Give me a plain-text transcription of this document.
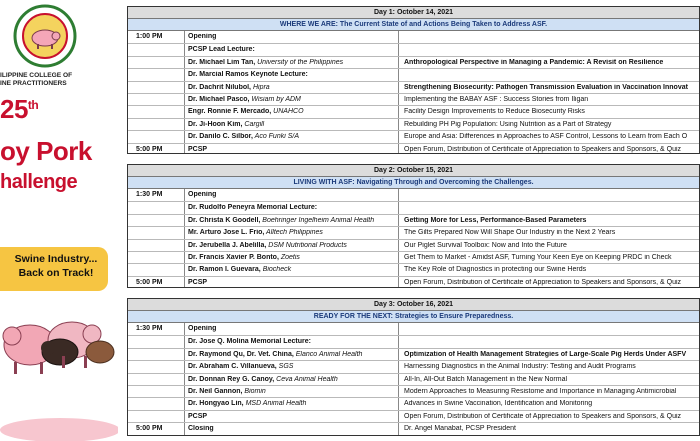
ILIPPINE COLLEGE OF
INE PRACTITIONERS
25th
oy Pork
hallenge
Swine Industry...
Back on Track!
Day 1: October 14, 2021
WHERE WE ARE: The Current State of and Actions Being Taken to Address ASF.
1:00 PM	Opening
PCSP Lead Lecture:
Dr. Michael Lim Tan, University of the Philippines	Anthropological Perspective in Managing a Pandemic: A Revisit on Resilience
Dr. Marcial Ramos Keynote Lecture:
Dr. Dachrit Nilubol, Hipra	Strengthening Biosecurity: Pathogen Transmission Evaluation in Vaccination Innovat
Dr. Michael Pasco, Wisiam by ADM	Implementing the BABAY ASF : Success Stories from Iligan
Engr. Ronnie F. Mercado, UNAHCO	Facility Design Improvements to Reduce Biosecurity Risks
Dr. Ji-Hoon Kim, Cargill	Rebuilding PH Pig Population: Using Nutrition as a Part of Strategy
Dr. Danilo C. Silbor, Aco Funki S/A	Europe and Asia: Differences in Approaches to ASF Control, Lessons to Learn from Each O
5:00 PM	PCSP	Open Forum, Distribution of Certificate of Appreciation to Speakers and Sponsors, & Quiz
Day 2: October 15, 2021
LIVING WITH ASF: Navigating Through and Overcoming the Challenges.
1:30 PM	Opening
Dr. Rudolfo Peneyra Memorial Lecture:
Dr. Christa K Goodell, Boehringer Ingelheim Animal Health	Getting More for Less, Performance-Based Parameters
Mr. Arturo Jose L. Frio, Alltech Philippines	The Gilts Prepared Now Will Shape Our Industry in the Next 2 Years
Dr. Jerubella J. Abelilla, DSM Nutritional Products	Our Piglet Survival Toolbox: Now and Into the Future
Dr. Francis Xavier P. Bonto, Zoetis	Get Them to Market - Amidst ASF, Turning Your Keen Eye on Keeping PRDC in Check
Dr. Ramon I. Guevara, Biocheck	The Key Role of Diagnostics in protecting our Swine Herds
5:00 PM	PCSP	Open Forum, Distribution of Certificate of Appreciation to Speakers and Sponsors, & Quiz
Day 3: October 16, 2021
READY FOR THE NEXT: Strategies to Ensure Preparedness.
1:30 PM	Opening
Dr. Jose Q. Molina Memorial Lecture:
Dr. Raymond Qu, Dr. Vet. China, Elanco Animal Health	Optimization of Health Management Strategies of Large-Scale Pig Herds Under ASFV
Dr. Abraham C. Villanueva, SGS	Harnessing Diagnostics in the Animal Industry: Testing and Audit Programs
Dr. Donnan Rey G. Canoy, Ceva Animal Health	All-In, All-Out Batch Management in the New Normal
Dr. Neil Gannon, Biomin	Modern Approaches to Measuring Resistome and Importance in Managing Antimicrobial
Dr. Hongyao Lin, MSD Animal Health	Advances in Swine Vaccination, Identification and Monitoring
PCSP	Open Forum, Distribution of Certificate of Appreciation to Speakers and Sponsors, & Quiz
5:00 PM	Closing	Dr. Angel Manabat, PCSP President
